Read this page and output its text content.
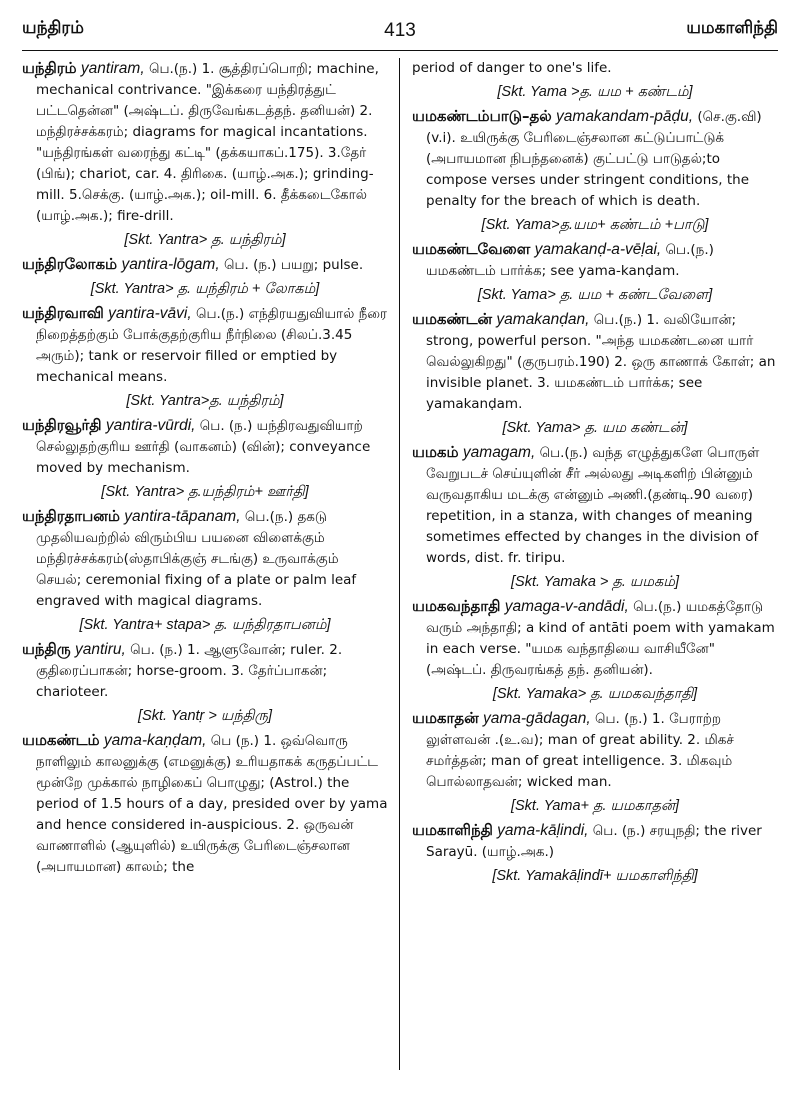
யந்திரம்	413	யமகாளிந்தி

யந்திரம் yantiram, பெ.(ந.) 1. சூத்திரப்பொறி; machine, mechanical contrivance. "இக்கரை யந்திரத்துட் பட்டதென்ன" (அஷ்டப். திருவேங்கடத்தந். தனியன்) 2. மந்திரச்சக்கரம்; diagrams for magical incantations. "யந்திரங்கள் வரைந்து கட்டி" (தக்கயாகப்.175). 3.தேர் (பிங்); chariot, car. 4. திரிகை. (யாழ்.அக.); grinding-mill. 5.செக்கு. (யாழ்.அக.); oil-mill. 6. தீக்கடைகோல் (யாழ்.அக.); fire-drill.

[Skt. Yantra> த. யந்திரம்]

யந்திரலோகம் yantira-lōgam, பெ. (ந.) பயறு; pulse.

[Skt. Yantra> த. யந்திரம் + லோகம்]

யந்திரவாவி yantira-vāvi, பெ.(ந.) எந்திரயதுவியால் நீரை நிறைத்தற்கும் போக்குதற்குரிய நீர்நிலை (சிலப்.3.45 அரும்); tank or reservoir filled or emptied by mechanical means.

[Skt. Yantra>த. யந்திரம்]

யந்திரவூர்தி yantira-vūrdi, பெ. (ந.) யந்திரவதுவியாற் செல்லுதற்குரிய ஊர்தி (வாகனம்) (வின்); conveyance moved by mechanism.

[Skt. Yantra> த.யந்திரம்+ ஊர்தி]

யந்திரதாபனம் yantira-tāpanam, பெ.(ந.) தகடு முதலியவற்றில் விரும்பிய பயனை விளைக்கும் மந்திரச்சக்கரம்(ஸ்தாபிக்குஞ் சடங்கு) உருவாக்கும் செயல்; ceremonial fixing of a plate or palm leaf engraved with magical diagrams.

[Skt. Yantra+ stapa> த. யந்திரதாபனம்]

யந்திரு yantiru, பெ. (ந.) 1. ஆளுவோன்; ruler. 2. குதிரைப்பாகன்; horse-groom. 3. தேர்ப்பாகன்; charioteer.

[Skt. Yantṛ > யந்திரு]

யமகண்டம் yama-kaṇḍam, பெ (ந.) 1. ஒவ்வொரு நாளிலும் காலனுக்கு (எமனுக்கு) உரியதாகக் கருதப்பட்ட மூன்றே முக்கால் நாழிகைப் பொழுது; (Astrol.) the period of 1.5 hours of a day, presided over by yama and hence considered in-auspicious. 2. ஒருவன் வாணாளில் (ஆயுளில்) உயிருக்கு பேரிடைஞ்சலான (அபாயமான) காலம்; the

period of danger to one's life.

[Skt. Yama >த. யம + கண்டம்]

யமகண்டம்பாடு–தல் yamakandam-pāḍu, (செ.கு.வி) (v.i). உயிருக்கு பேரிடைஞ்சலான கட்டுப்பாட்டுக் (அபாயமான நிபந்தனைக்) குட்பட்டு பாடுதல்;to compose verses under stringent conditions, the penalty for the breach of which is death.

[Skt. Yama>த.யம+ கண்டம் +பாடு]

யமகண்டவேளை yamakanḍ-a-vēḷai, பெ.(ந.) யமகண்டம் பார்க்க; see yama-kanḍam.

[Skt. Yama> த. யம + கண்டவேளை]

யமகண்டன் yamakanḍan, பெ.(ந.) 1. வலியோன்; strong, powerful person. "அந்த யமகண்டனை யார் வெல்லுகிறது" (குருபரம்.190) 2. ஒரு காணாக் கோள்; an invisible planet. 3. யமகண்டம் பார்க்க; see yamakanḍam.

[Skt. Yama> த. யம கண்டன்]

யமகம் yamagam, பெ.(ந.) வந்த எழுத்துகளே பொருள் வேறுபடச் செய்யுளின் சீர் அல்லது அடிகளிற் பின்னும் வருவதாகிய மடக்கு என்னும் அணி.(தண்டி.90 வரை) repetition, in a stanza, with changes of meaning sometimes effected by changes in the division of words, dist. fr. tiripu.

[Skt. Yamaka > த. யமகம்]

யமகவந்தாதி yamaga-v-andādi, பெ.(ந.) யமகத்தோடு வரும் அந்தாதி; a kind of antāti poem with yamakam in each verse. "யமக வந்தாதியை வாசியீனே" (அஷ்டப். திருவரங்கத் தந். தனியன்).

[Skt. Yamaka> த. யமகவந்தாதி]

யமகாதன் yama-gādagan, பெ. (ந.) 1. பேராற்ற லுள்ளவன் .(உ.வ); man of great ability. 2. மிகச் சமர்த்தன்; man of great intelligence. 3. மிகவும் பொல்லாதவன்; wicked man.

[Skt. Yama+ த. யமகாதன்]

யமகாளிந்தி yama-kāḷindi, பெ. (ந.) சரயுநதி; the river Sarayū. (யாழ்.அக.)

[Skt. Yamakāḷindī+ யமகாளிந்தி]
